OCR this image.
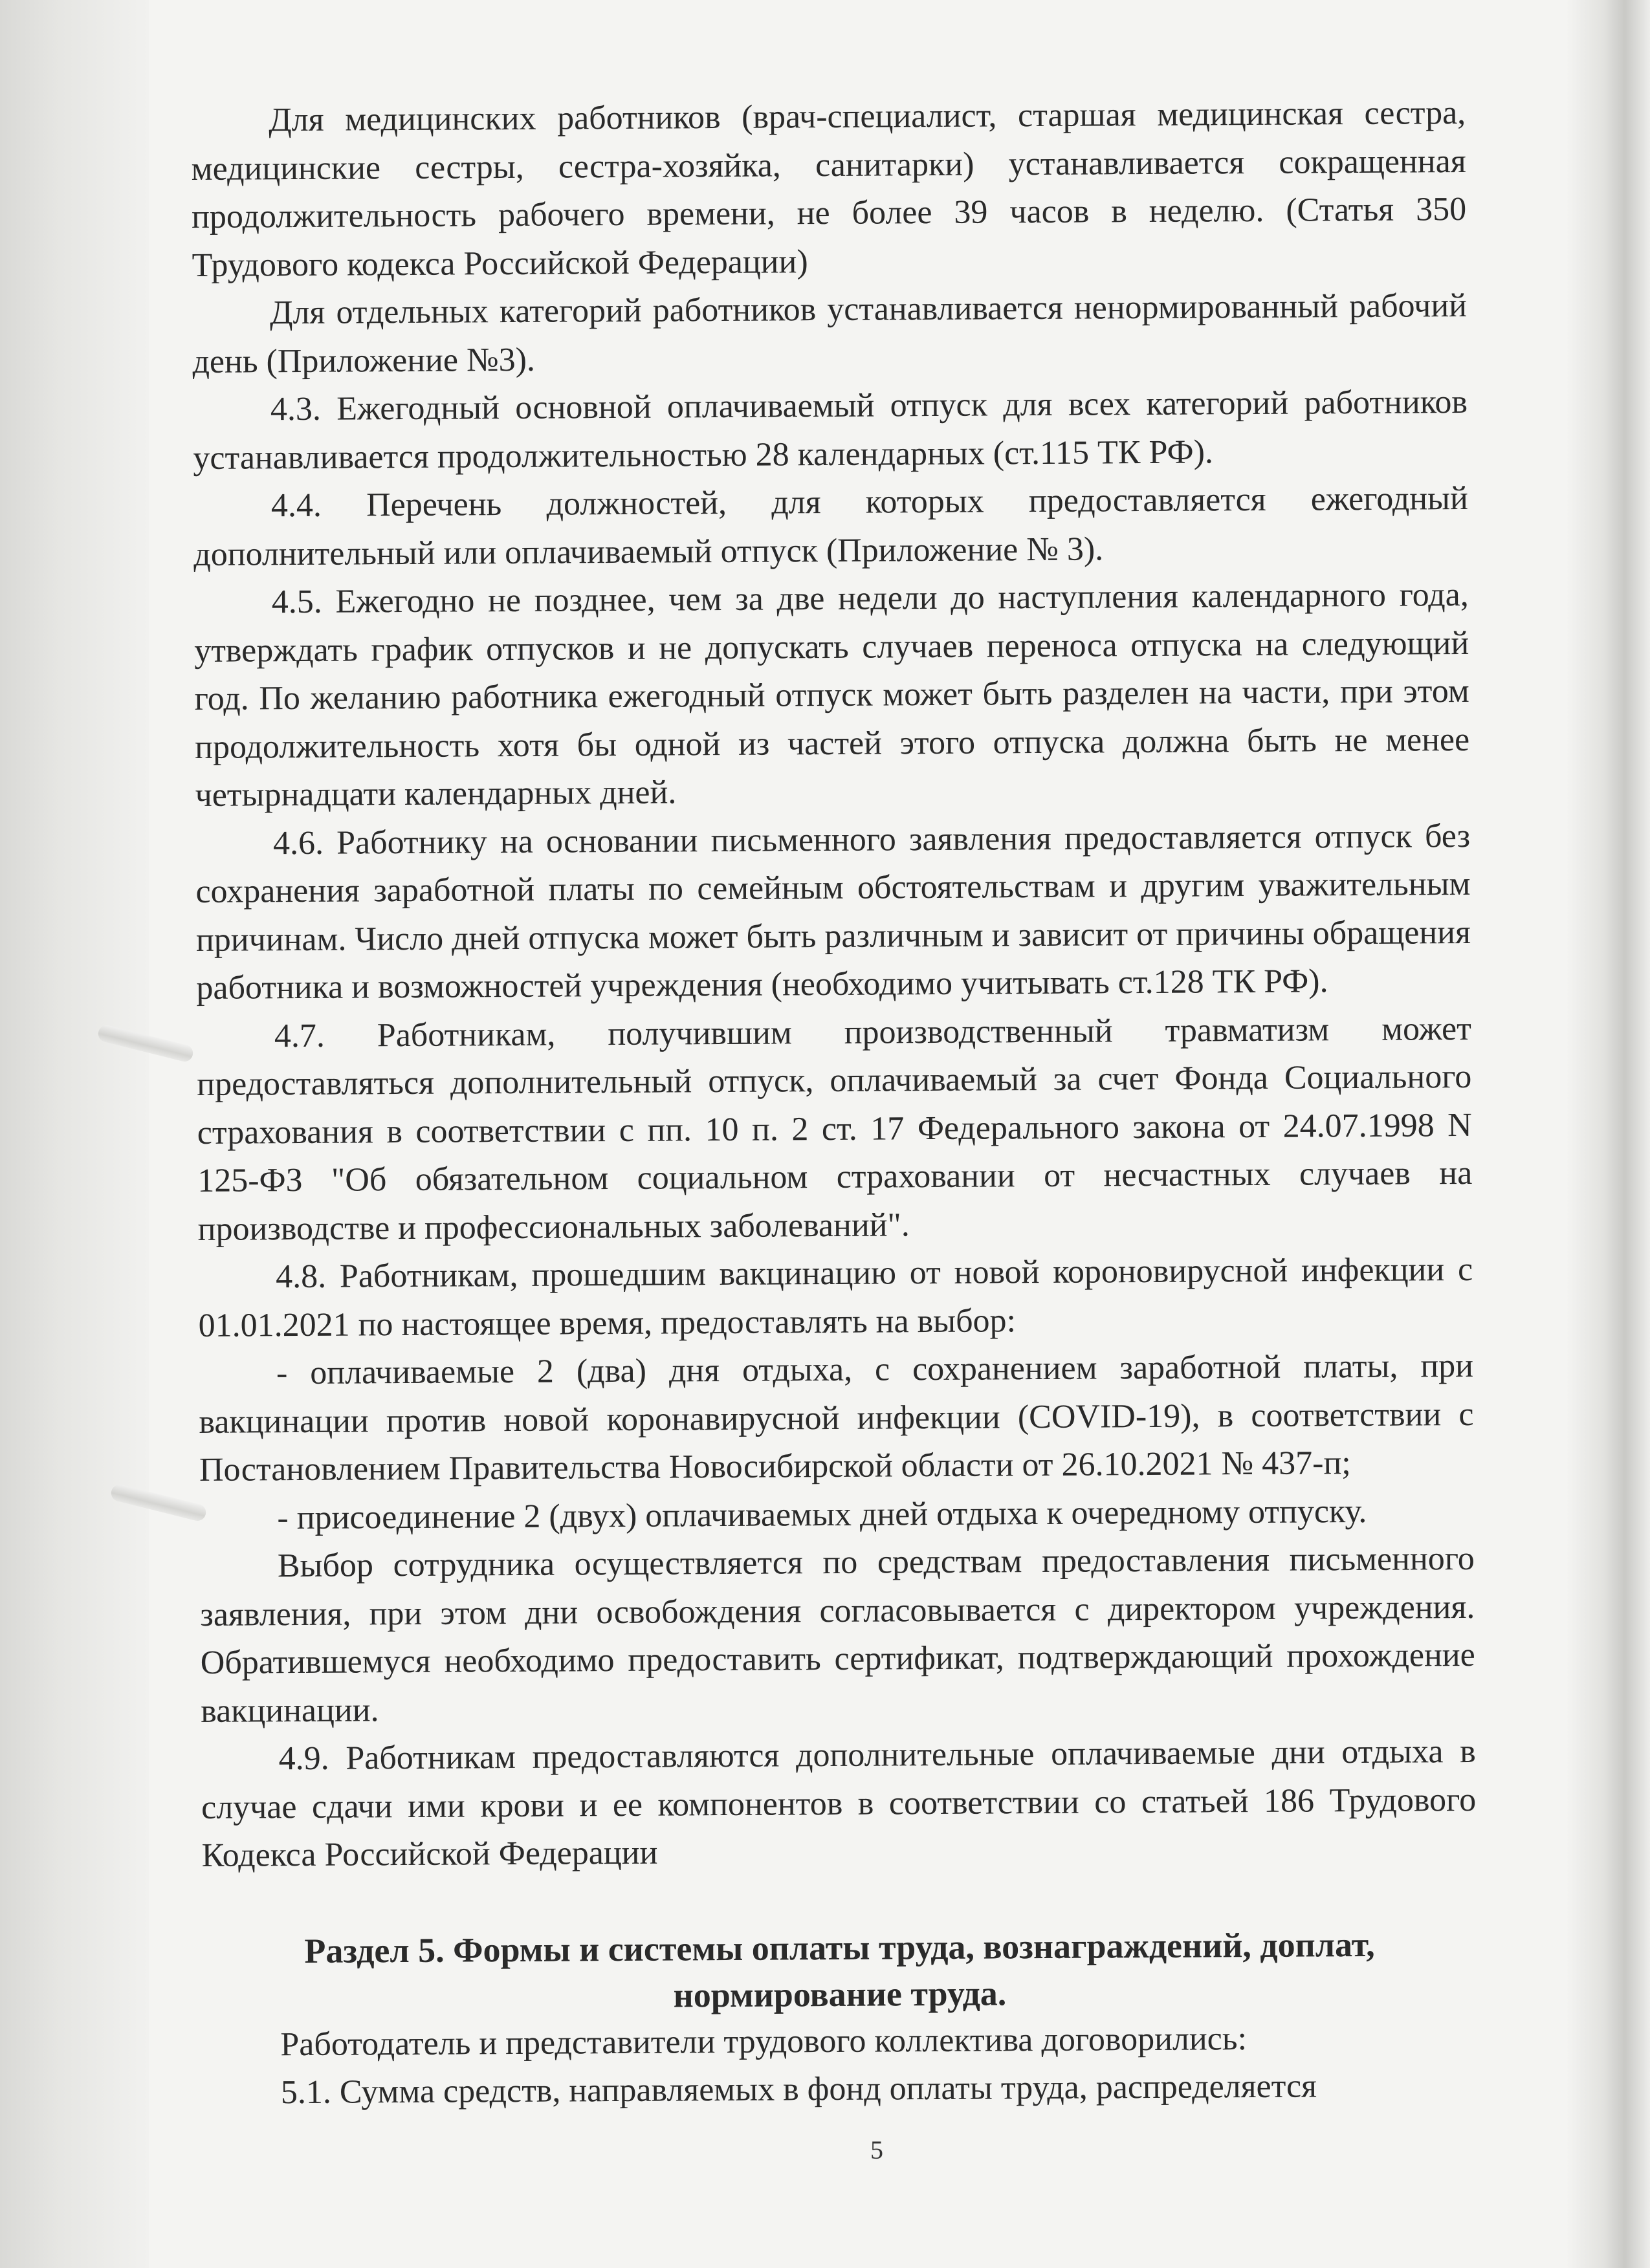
Для медицинских работников (врач-специалист, старшая медицинская сестра, медицинские сестры, сестра-хозяйка, санитарки) устанавливается сокращенная продолжительность рабочего времени, не более 39 часов в неделю. (Статья 350 Трудового кодекса Российской Федерации)

Для отдельных категорий работников устанавливается ненормированный рабочий день (Приложение №3).

4.3. Ежегодный основной оплачиваемый отпуск для всех категорий работников устанавливается продолжительностью 28 календарных (ст.115 ТК РФ).

4.4. Перечень должностей, для которых предоставляется ежегодный дополнительный или оплачиваемый отпуск (Приложение № 3).

4.5. Ежегодно не позднее, чем за две недели до наступления календарного года, утверждать график отпусков и не допускать случаев переноса отпуска на следующий год. По желанию работника ежегодный отпуск может быть разделен на части, при этом продолжительность хотя бы одной из частей этого отпуска должна быть не менее четырнадцати календарных дней.

4.6. Работнику на основании письменного заявления предоставляется отпуск без сохранения заработной платы по семейным обстоятельствам и другим уважительным причинам. Число дней отпуска может быть различным и зависит от причины обращения работника и возможностей учреждения (необходимо учитывать ст.128 ТК РФ).

4.7. Работникам, получившим производственный травматизм может предоставляться дополнительный отпуск, оплачиваемый за счет Фонда Социального страхования в соответствии с пп. 10 п. 2 ст. 17 Федерального закона от 24.07.1998 N 125-ФЗ "Об обязательном социальном страховании от несчастных случаев на производстве и профессиональных заболеваний".

4.8. Работникам, прошедшим вакцинацию от новой короновирусной инфекции с 01.01.2021 по настоящее время, предоставлять на выбор:

- оплачиваемые 2 (два) дня отдыха, с сохранением заработной платы, при вакцинации против новой коронавирусной инфекции (COVID-19), в соответствии с Постановлением Правительства Новосибирской области от 26.10.2021 № 437-п;

- присоединение 2 (двух) оплачиваемых дней отдыха к очередному отпуску.

Выбор сотрудника осуществляется по средствам предоставления письменного заявления, при этом дни освобождения согласовывается с директором учреждения. Обратившемуся необходимо предоставить сертификат, подтверждающий прохождение вакцинации.

4.9. Работникам предоставляются дополнительные оплачиваемые дни отдыха в случае сдачи ими крови и ее компонентов в соответствии со статьей 186 Трудового Кодекса Российской Федерации

Раздел 5. Формы и системы оплаты труда, вознаграждений, доплат, нормирование труда.

Работодатель и представители трудового коллектива договорились:

5.1. Сумма средств, направляемых в фонд оплаты труда, распределяется

5
